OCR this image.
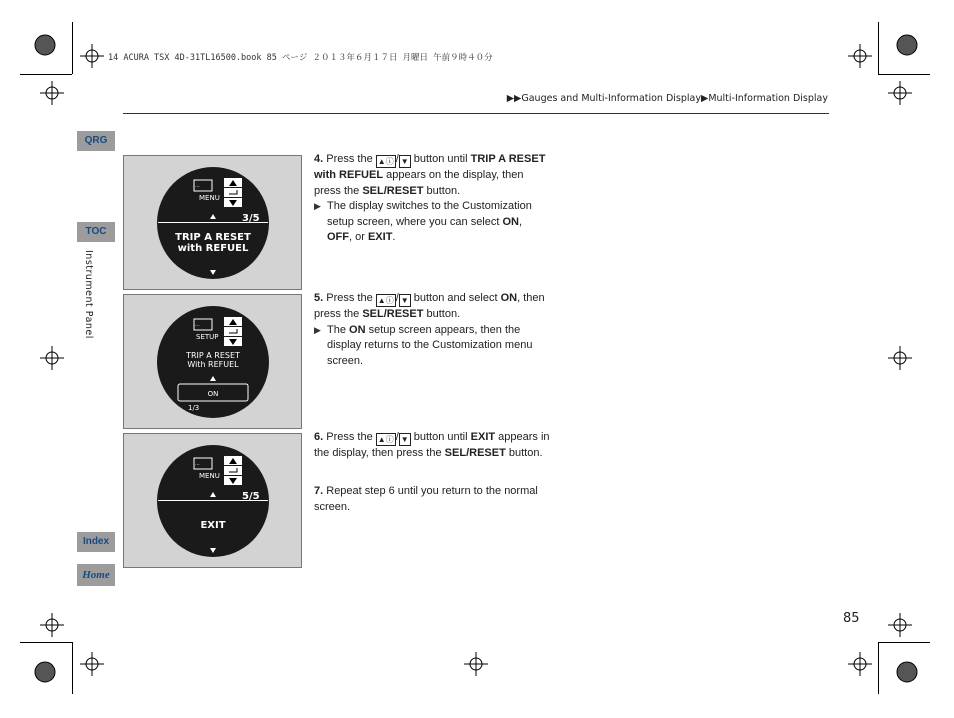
14 ACURA TSX 4D-31TL16500.book 85 ページ ２０１３年６月１７日 月曜日 午前９時４０分
▶▶Gauges and Multi-Information Display▶Multi-Information Display
QRG
TOC
Index
Home
Instrument Panel
···
MENU
3/5
TRIP A RESET
with REFUEL
···
SETUP
TRIP A RESET
With REFUEL
ON
1/3
···
MENU
5/5
EXIT
4. Press the ▲ⓘ / ▼ button until TRIP A RESET with REFUEL appears on the display, then press the SEL/RESET button.
▶ The display switches to the Customization setup screen, where you can select ON, OFF, or EXIT.
5. Press the ▲ⓘ / ▼ button and select ON, then press the SEL/RESET button.
▶ The ON setup screen appears, then the display returns to the Customization menu screen.
6. Press the ▲ⓘ / ▼ button until EXIT appears in the display, then press the SEL/RESET button.
7. Repeat step 6 until you return to the normal screen.
85
